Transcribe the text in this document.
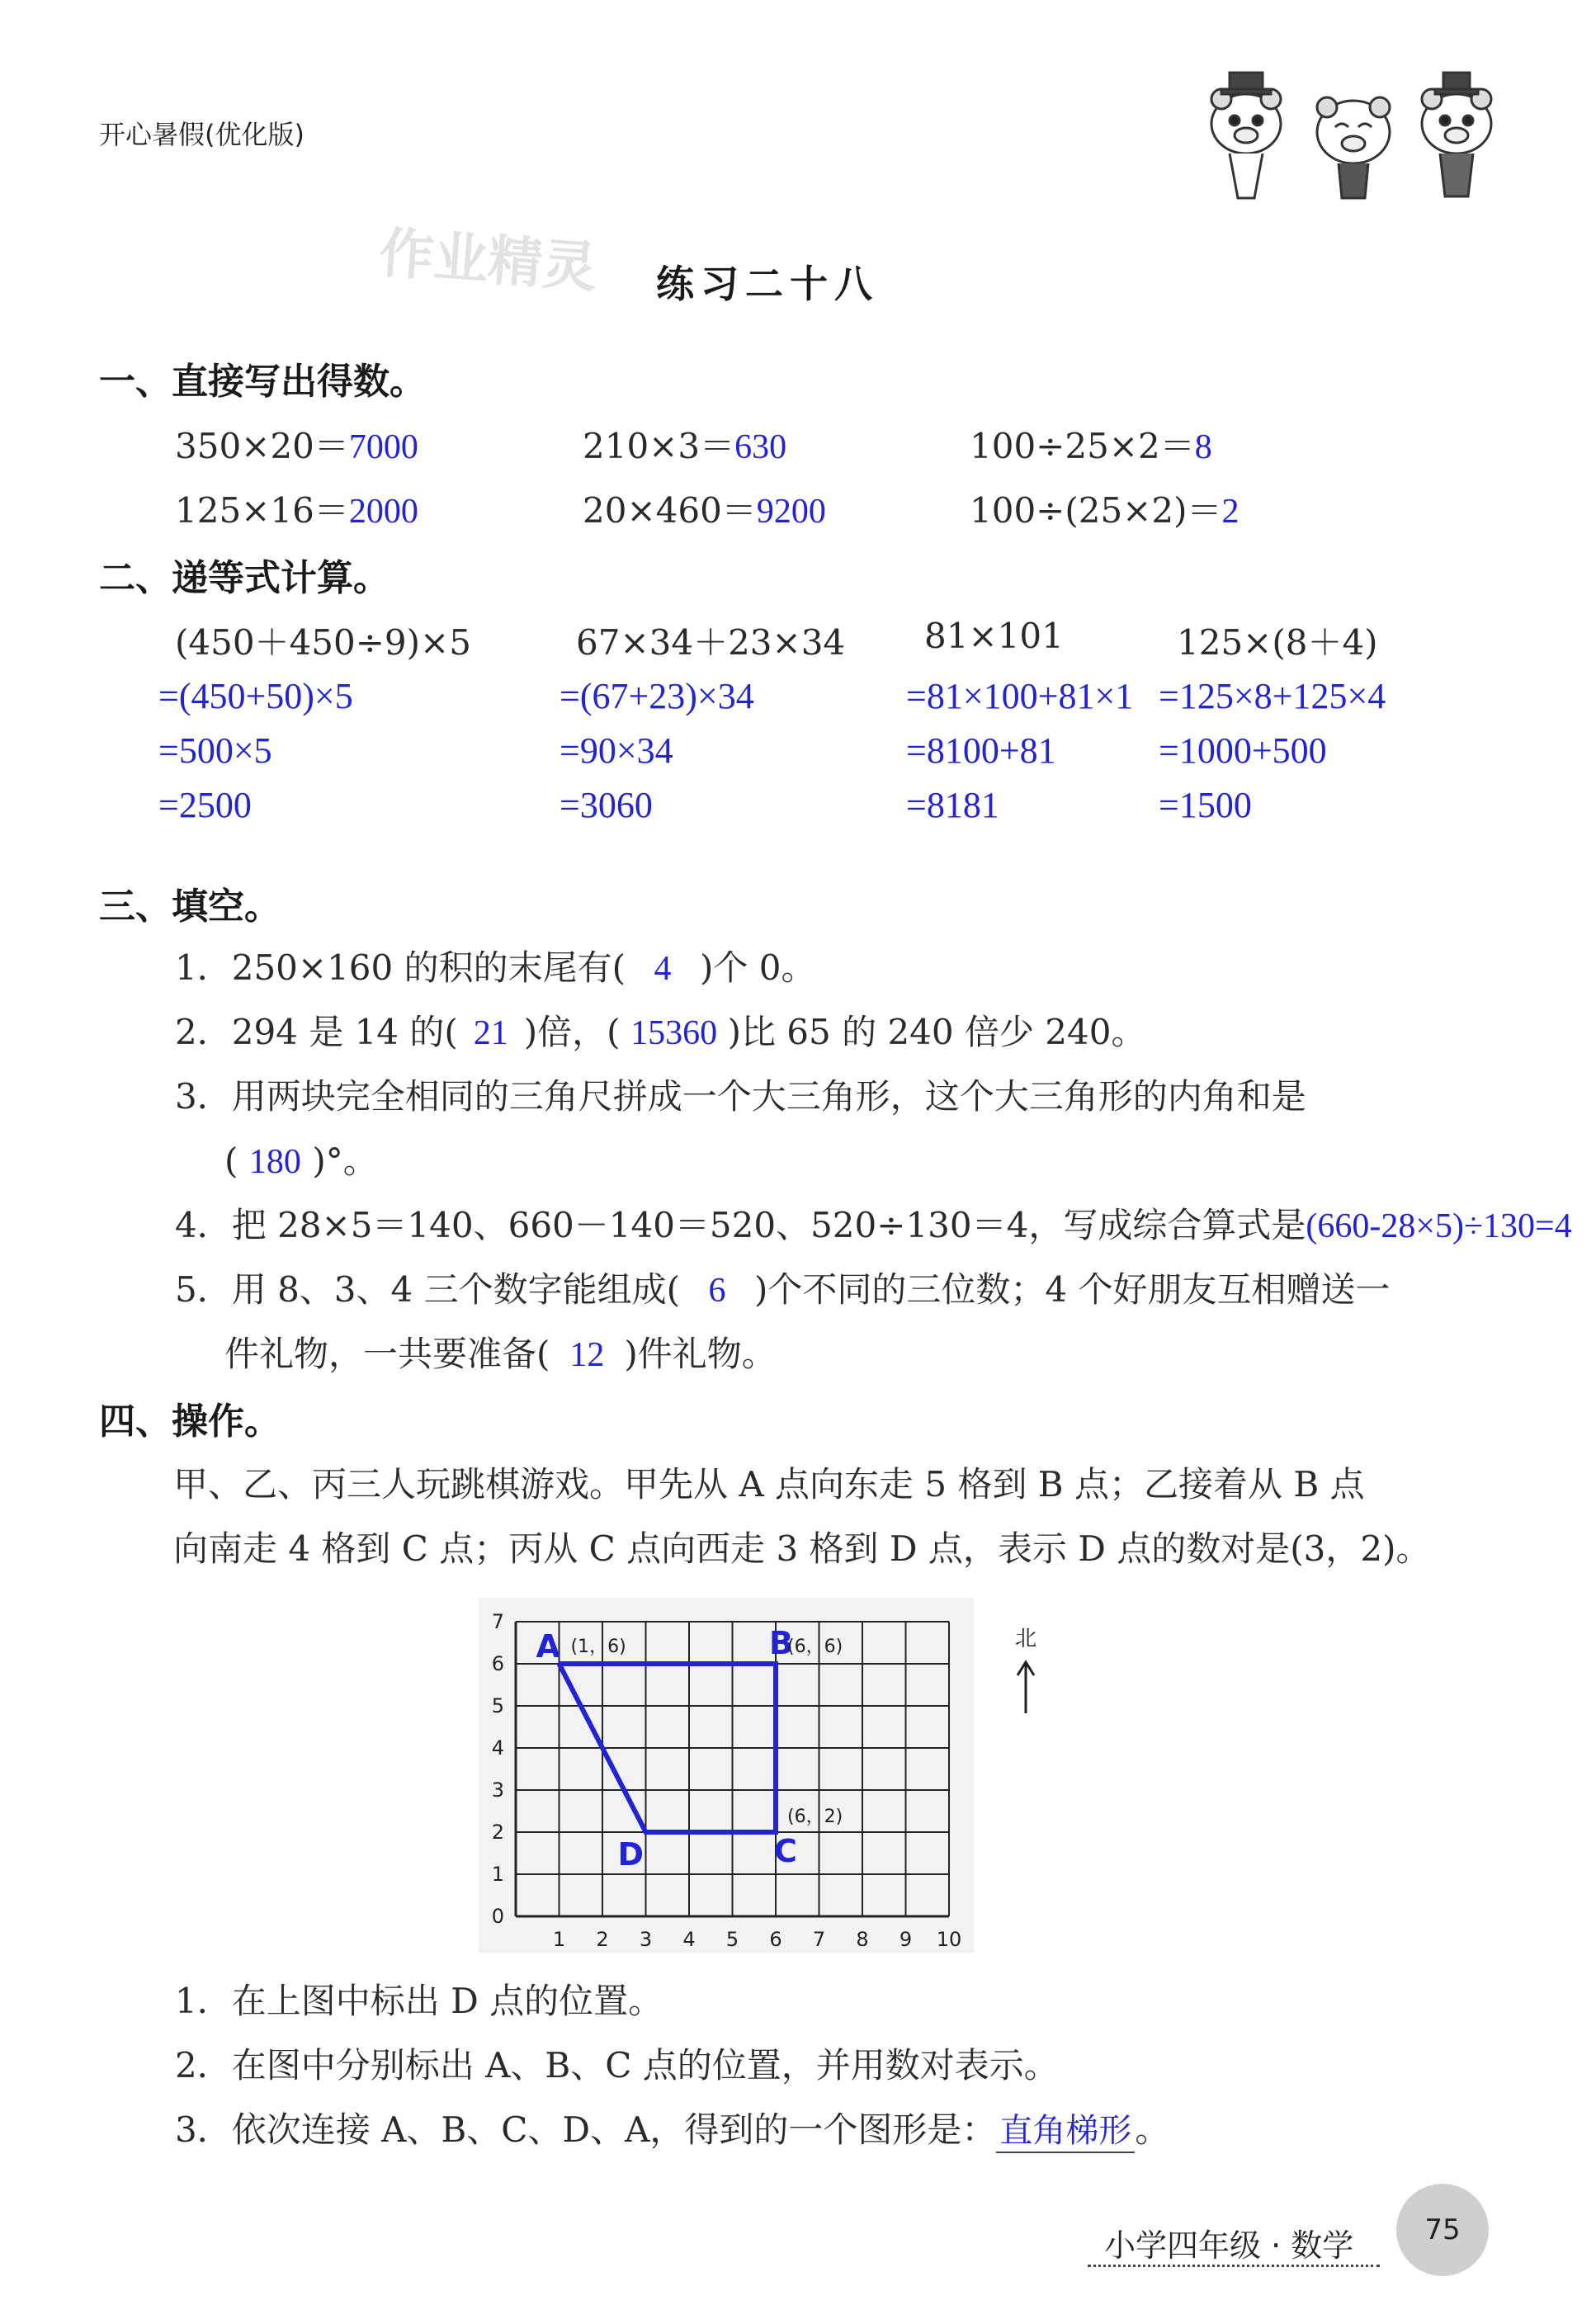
开心暑假(优化版)
作业精灵 练习二十八
一、直接写出得数。
350×20＝7000	210×3＝630	100÷25×2＝8
125×16＝2000	20×460＝9200	100÷(25×2)＝2
二、递等式计算。
(450＋450÷9)×5
=(450+50)×5
=500×5
=2500
67×34＋23×34
=(67+23)×34
=90×34
=3060
81×101
=81×100+81×1
=8100+81
=8181
125×(8＋4)
=125×8+125×4
=1000+500
=1500
三、填空。
1．250×160 的积的末尾有( 4 )个 0。
2．294 是 14 的( 21 )倍，( 15360 )比 65 的 240 倍少 240。
3．用两块完全相同的三角尺拼成一个大三角形，这个大三角形的内角和是
( 180 )°。
4．把 28×5＝140、660－140＝520、520÷130＝4，写成综合算式是(660-28×5)÷130=4
5．用 8、3、4 三个数字能组成( 6 )个不同的三位数；4 个好朋友互相赠送一
件礼物，一共要准备( 12 )件礼物。
四、操作。
甲、乙、丙三人玩跳棋游戏。甲先从 A 点向东走 5 格到 B 点；乙接着从 B 点
向南走 4 格到 C 点；丙从 C 点向西走 3 格到 D 点，表示 D 点的数对是(3，2)。
1 2 3 4 5 6 7 8 9 10
0
1
2
3
4
5
6
7
A (1，6)	B
(6，6)
C
(6，2)
D
北
1．在上图中标出 D 点的位置。
2．在图中分别标出 A、B、C 点的位置，并用数对表示。
3．依次连接 A、B、C、D、A，得到的一个图形是： 直角梯形。
小学四年级 · 数学	75
